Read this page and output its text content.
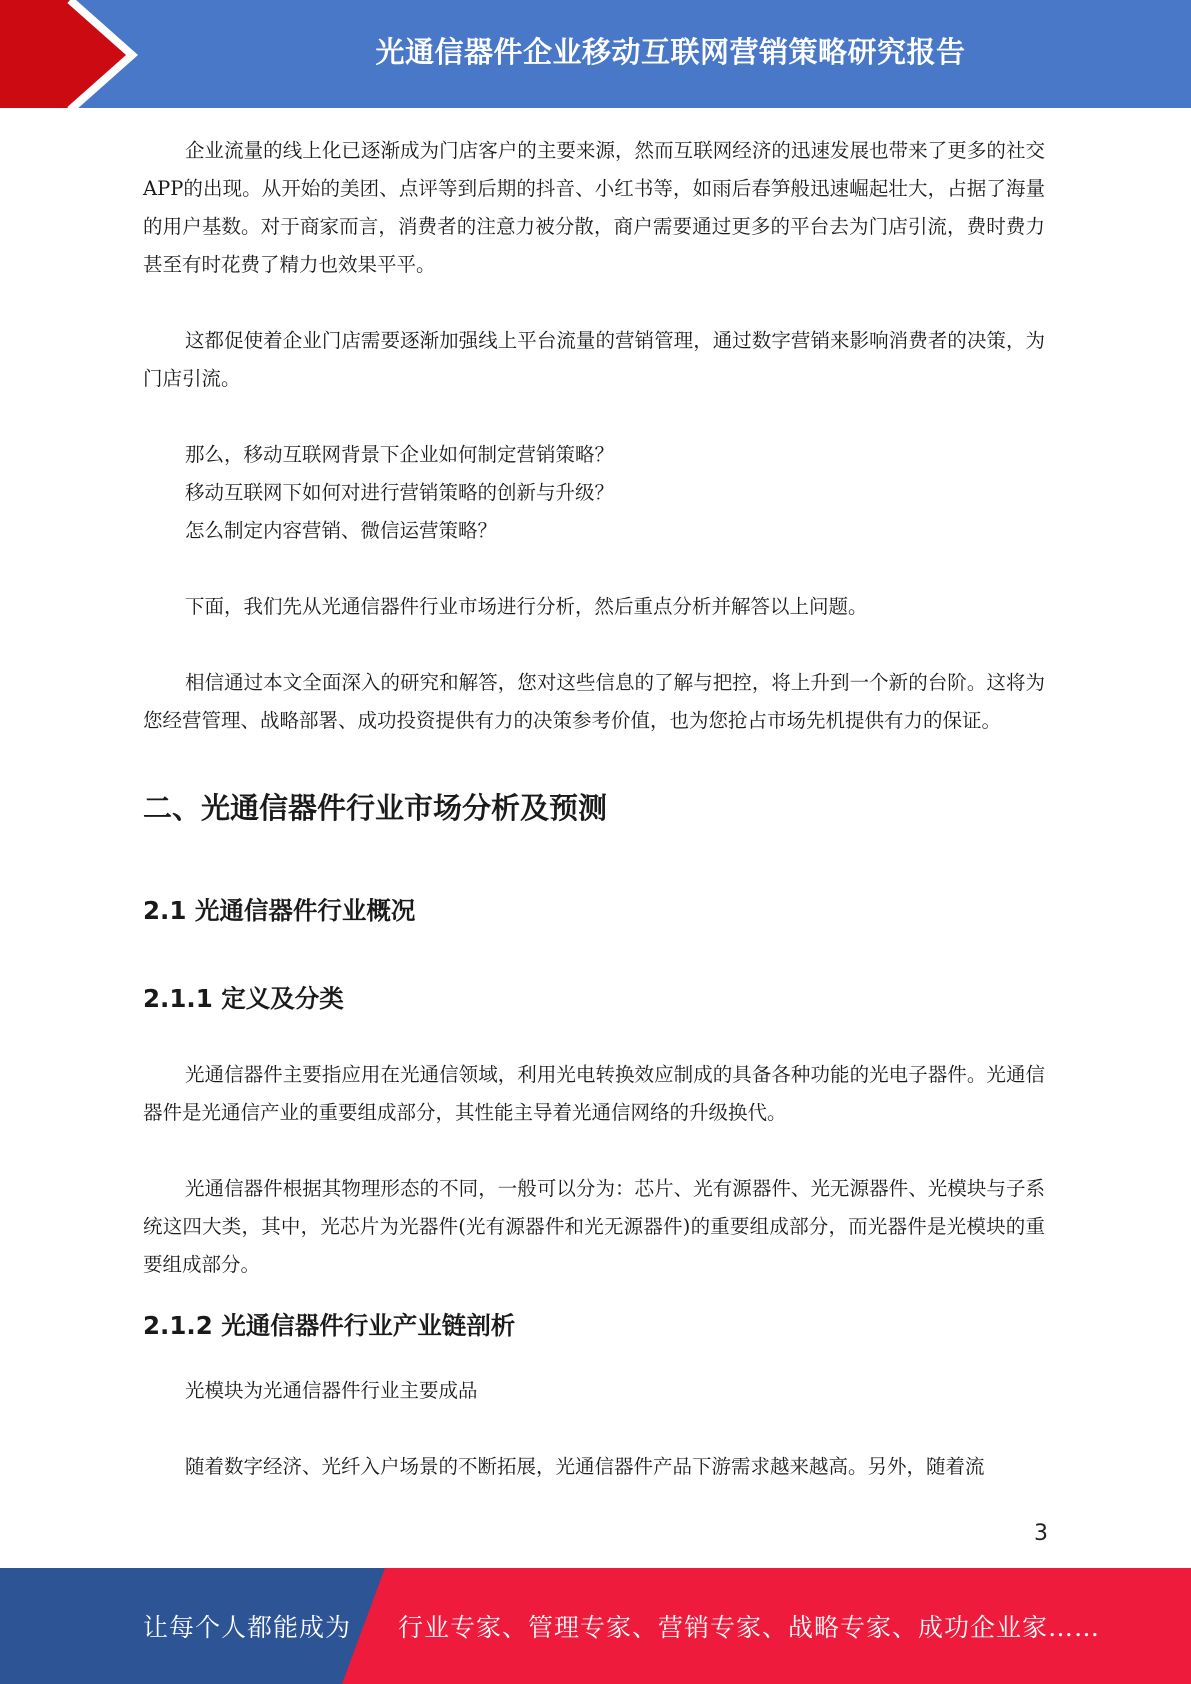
光通信器件企业移动互联网营销策略研究报告

企业流量的线上化已逐渐成为门店客户的主要来源，然而互联网经济的迅速发展也带来了更多的社交APP的出现。从开始的美团、点评等到后期的抖音、小红书等，如雨后春笋般迅速崛起壮大，占据了海量的用户基数。对于商家而言，消费者的注意力被分散，商户需要通过更多的平台去为门店引流，费时费力甚至有时花费了精力也效果平平。

这都促使着企业门店需要逐渐加强线上平台流量的营销管理，通过数字营销来影响消费者的决策，为门店引流。

那么，移动互联网背景下企业如何制定营销策略？

移动互联网下如何对进行营销策略的创新与升级？

怎么制定内容营销、微信运营策略？

下面，我们先从光通信器件行业市场进行分析，然后重点分析并解答以上问题。

相信通过本文全面深入的研究和解答，您对这些信息的了解与把控，将上升到一个新的台阶。这将为您经营管理、战略部署、成功投资提供有力的决策参考价值，也为您抢占市场先机提供有力的保证。

二、光通信器件行业市场分析及预测
2.1 光通信器件行业概况
2.1.1 定义及分类

光通信器件主要指应用在光通信领域，利用光电转换效应制成的具备各种功能的光电子器件。光通信器件是光通信产业的重要组成部分，其性能主导着光通信网络的升级换代。

光通信器件根据其物理形态的不同，一般可以分为：芯片、光有源器件、光无源器件、光模块与子系统这四大类，其中，光芯片为光器件(光有源器件和光无源器件)的重要组成部分，而光器件是光模块的重要组成部分。

2.1.2 光通信器件行业产业链剖析

光模块为光通信器件行业主要成品

随着数字经济、光纤入户场景的不断拓展，光通信器件产品下游需求越来越高。另外，随着流

3
让每个人都能成为 行业专家、管理专家、营销专家、战略专家、成功企业家……
